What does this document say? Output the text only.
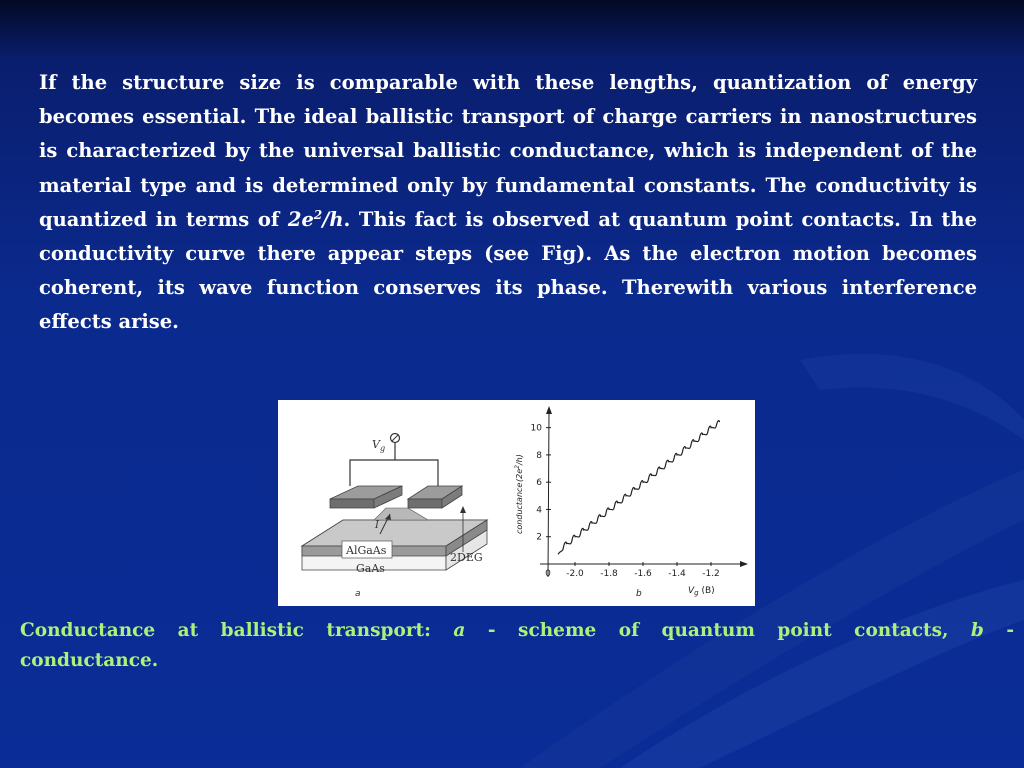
If the structure size is comparable with these lengths, quantization of energy becomes essential. The ideal ballistic transport of charge carriers in nanostructures is characterized by the universal ballistic conductance, which is independent of the material type and is determined only by fundamental constants. The conductivity is quantized in terms of $2e^2/h$. This fact is observed at quantum point contacts. In the conductivity curve there appear steps (see Fig). As the electron motion becomes coherent, its wave function conserves its phase. Therewith various interference effects arise.
$V_g$
I
AlGaAs
GaAs
2DEG
a
2
4
6
8
10
0 -2.0 -1.8 -1.6 -1.4 -1.2
conductance
$(2e^2/h)$
$V_g$ (B)
b
Conductance at ballistic transport: a - scheme of quantum point contacts, b -
conductance.
